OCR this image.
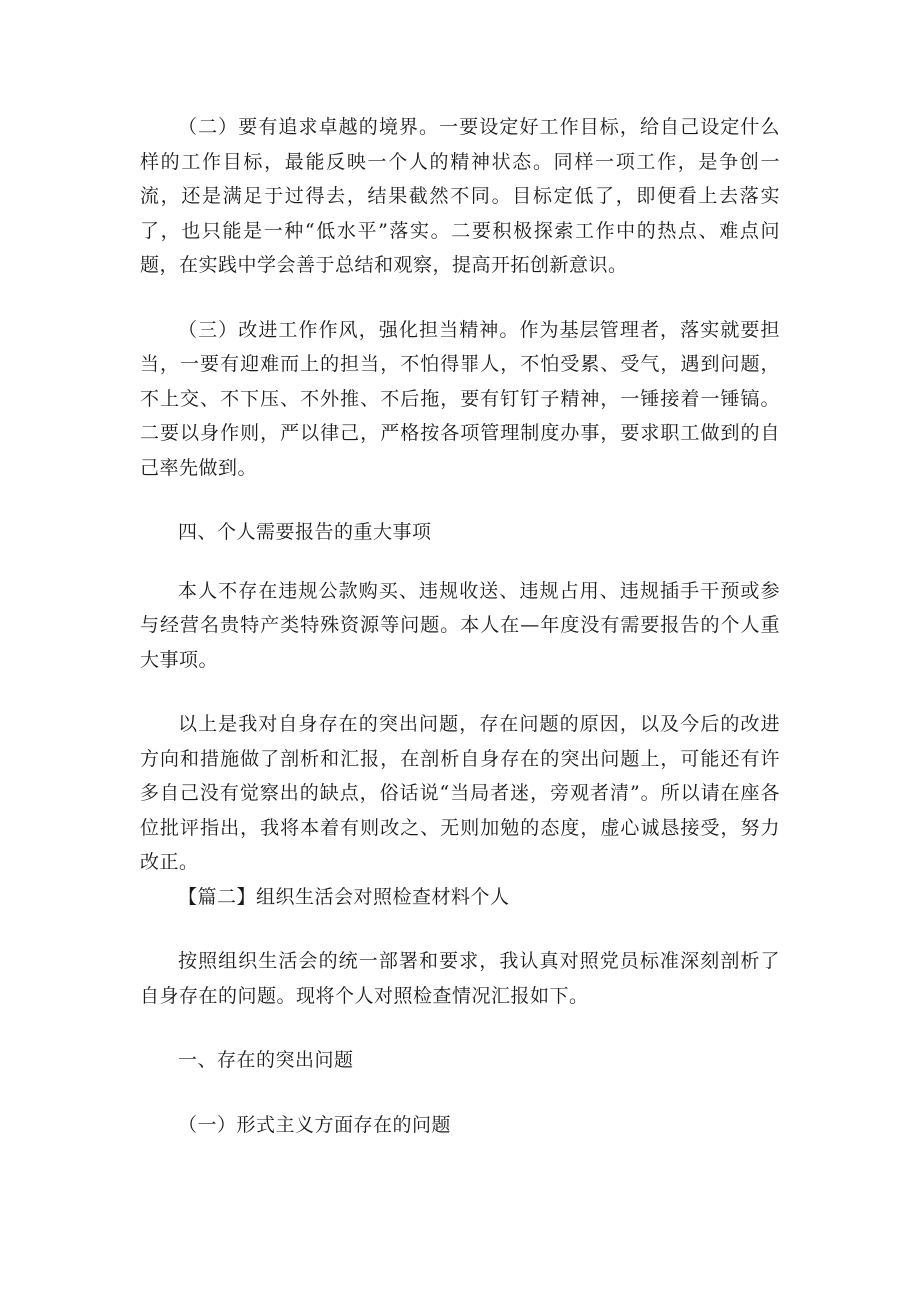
（二）要有追求卓越的境界。一要设定好工作目标，给自己设定什么样的工作目标，最能反映一个人的精神状态。同样一项工作，是争创一流，还是满足于过得去，结果截然不同。目标定低了，即便看上去落实了，也只能是一种“低水平”落实。二要积极探索工作中的热点、难点问题，在实践中学会善于总结和观察，提高开拓创新意识。

（三）改进工作作风，强化担当精神。作为基层管理者，落实就要担当，一要有迎难而上的担当，不怕得罪人，不怕受累、受气，遇到问题，不上交、不下压、不外推、不后拖，要有钉钉子精神，一锤接着一锤镐。二要以身作则，严以律己，严格按各项管理制度办事，要求职工做到的自己率先做到。

四、个人需要报告的重大事项

本人不存在违规公款购买、违规收送、违规占用、违规插手干预或参与经营名贵特产类特殊资源等问题。本人在—年度没有需要报告的个人重大事项。

以上是我对自身存在的突出问题，存在问题的原因，以及今后的改进方向和措施做了剖析和汇报，在剖析自身存在的突出问题上，可能还有许多自己没有觉察出的缺点，俗话说“当局者迷，旁观者清”。所以请在座各位批评指出，我将本着有则改之、无则加勉的态度，虚心诚恳接受，努力改正。

【篇二】组织生活会对照检查材料个人

按照组织生活会的统一部署和要求，我认真对照党员标准深刻剖析了自身存在的问题。现将个人对照检查情况汇报如下。

一、存在的突出问题

（一）形式主义方面存在的问题
